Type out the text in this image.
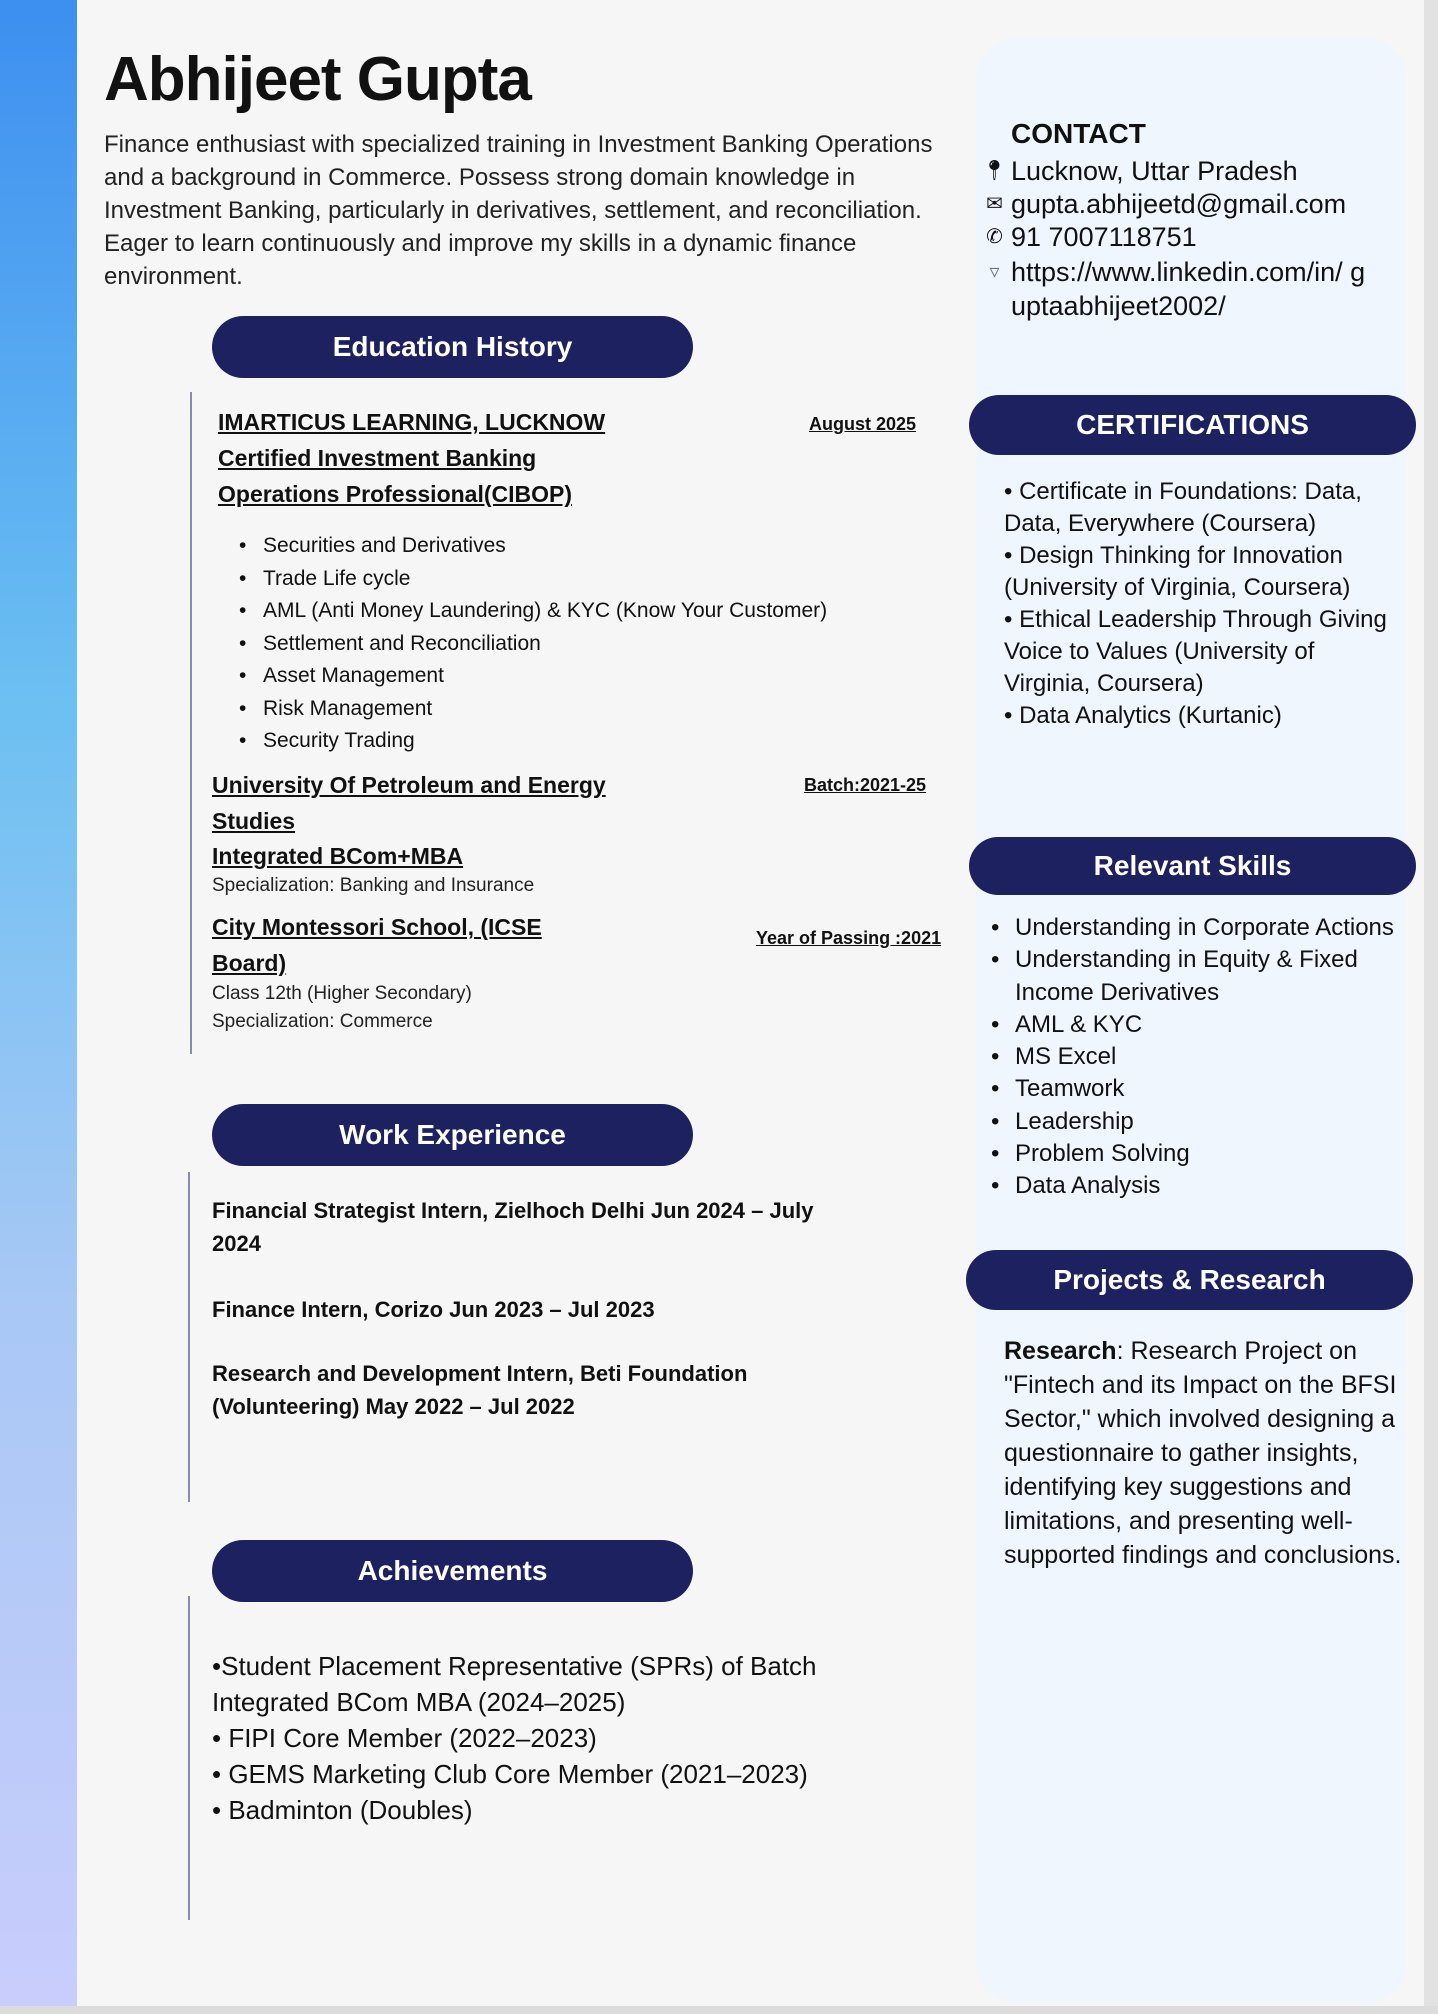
Abhijeet Gupta

Finance enthusiast with specialized training in Investment Banking Operations and a background in Commerce. Possess strong domain knowledge in Investment Banking, particularly in derivatives, settlement, and reconciliation. Eager to learn continuously and improve my skills in a dynamic finance environment.

CONTACT
📍︎ Lucknow, Uttar Pradesh
✉ gupta.abhijeetd@gmail.com
✆ 91 7007118751
▿ https://www.linkedin.com/in/ guptaabhijeet2002/
CERTIFICATIONS
• Certificate in Foundations: Data, Data, Everywhere (Coursera)
• Design Thinking for Innovation (University of Virginia, Coursera)
• Ethical Leadership Through Giving Voice to Values (University of Virginia, Coursera)
• Data Analytics (Kurtanic)
Relevant Skills
• Understanding in Corporate Actions
• Understanding in Equity & Fixed Income Derivatives
• AML & KYC
• MS Excel
• Teamwork
• Leadership
• Problem Solving
• Data Analysis
Projects & Research

Research: Research Project on "Fintech and its Impact on the BFSI Sector," which involved designing a questionnaire to gather insights, identifying key suggestions and limitations, and presenting well-supported findings and conclusions.

Education History
IMARTICUS LEARNING, LUCKNOW
Certified Investment Banking Operations Professional(CIBOP)
August 2025
• Securities and Derivatives
• Trade Life cycle
• AML (Anti Money Laundering) & KYC (Know Your Customer)
• Settlement and Reconciliation
• Asset Management
• Risk Management
• Security Trading
University Of Petroleum and Energy Studies
Integrated BCom+MBA
Batch:2021-25
Specialization: Banking and Insurance
City Montessori School, (ICSE Board)
Year of Passing :2021
Class 12th (Higher Secondary)
Specialization: Commerce
Work Experience
Financial Strategist Intern, Zielhoch Delhi Jun 2024 – July 2024
Finance Intern, Corizo Jun 2023 – Jul 2023
Research and Development Intern, Beti Foundation (Volunteering) May 2022 – Jul 2022
Achievements
•Student Placement Representative (SPRs) of Batch Integrated BCom MBA (2024–2025)
• FIPI Core Member (2022–2023)
• GEMS Marketing Club Core Member (2021–2023)
• Badminton (Doubles)
